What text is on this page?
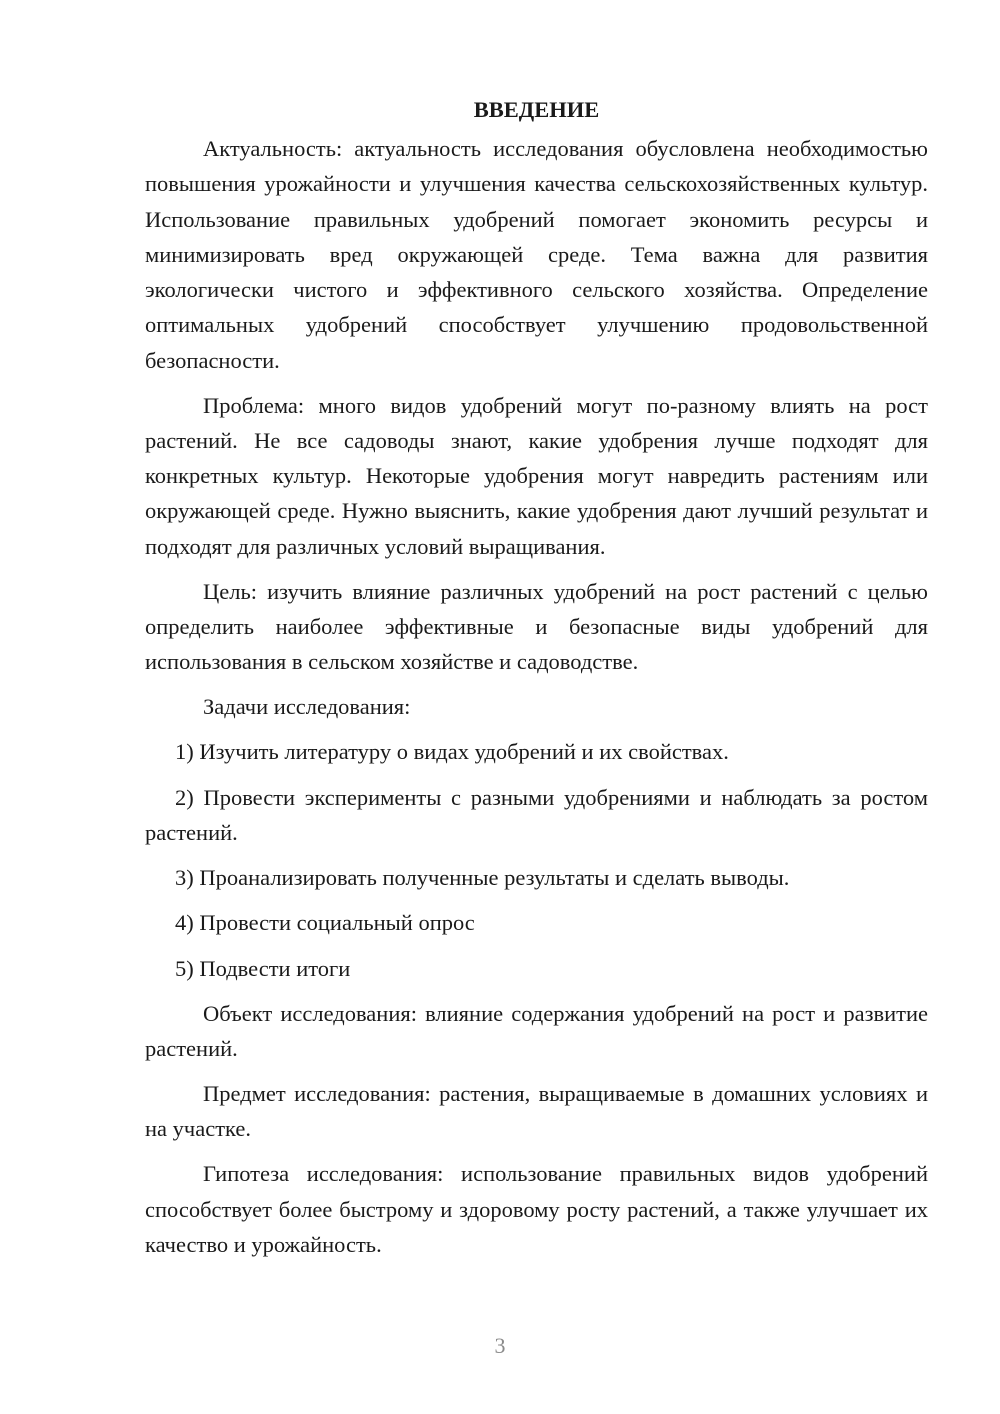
ВВЕДЕНИЕ

Актуальность: актуальность исследования обусловлена необходимостью повышения урожайности и улучшения качества сельскохозяйственных культур. Использование правильных удобрений помогает экономить ресурсы и минимизировать вред окружающей среде. Тема важна для развития экологически чистого и эффективного сельского хозяйства. Определение оптимальных удобрений способствует улучшению продовольственной безопасности.

Проблема: много видов удобрений могут по-разному влиять на рост растений. Не все садоводы знают, какие удобрения лучше подходят для конкретных культур. Некоторые удобрения могут навредить растениям или окружающей среде. Нужно выяснить, какие удобрения дают лучший результат и подходят для различных условий выращивания.

Цель: изучить влияние различных удобрений на рост растений с целью определить наиболее эффективные и безопасные виды удобрений для использования в сельском хозяйстве и садоводстве.

Задачи исследования:

1) Изучить литературу о видах удобрений и их свойствах.

2) Провести эксперименты с разными удобрениями и наблюдать за ростом растений.

3) Проанализировать полученные результаты и сделать выводы.

4) Провести социальный опрос

5) Подвести итоги

Объект исследования: влияние содержания удобрений на рост и развитие растений.

Предмет исследования: растения, выращиваемые в домашних условиях и на участке.

Гипотеза исследования: использование правильных видов удобрений способствует более быстрому и здоровому росту растений, а также улучшает их качество и урожайность.

3
